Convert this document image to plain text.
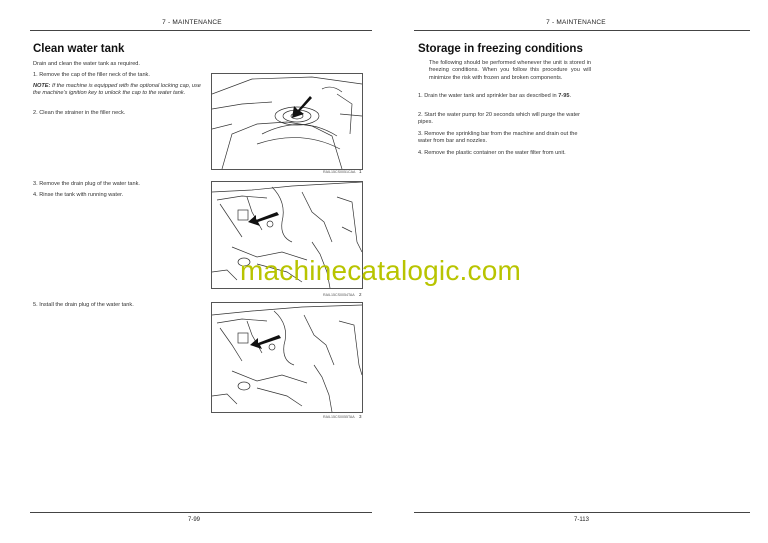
7 - MAINTENANCE
Clean water tank
Drain and clean the water tank as required.
1. Remove the cap of the filler neck of the tank.
NOTE: If the machine is equipped with the optional locking cap, use the machine’s ignition key to unlock the cap to the water tank.
2. Clean the strainer in the filler neck.
RAIL15CS0051CAA 1
3. Remove the drain plug of the water tank.
4. Rinse the tank with running water.
RAIL15CS0054TAA 2
5. Install the drain plug of the water tank.
RAIL15CS0055TAA 3
7-99
7 - MAINTENANCE
Storage in freezing conditions
The following should be performed whenever the unit is stored in freezing conditions. When you follow this procedure you will minimize the risk with frozen and broken components.
1. Drain the water tank and sprinkler bar as described in 7-95.
2. Start the water pump for 20 seconds which will purge the water pipes.
3. Remove the sprinkling bar from the machine and drain out the water from bar and nozzles.
4. Remove the plastic container on the water filter from unit.
7-113
machinecatalogic.com
